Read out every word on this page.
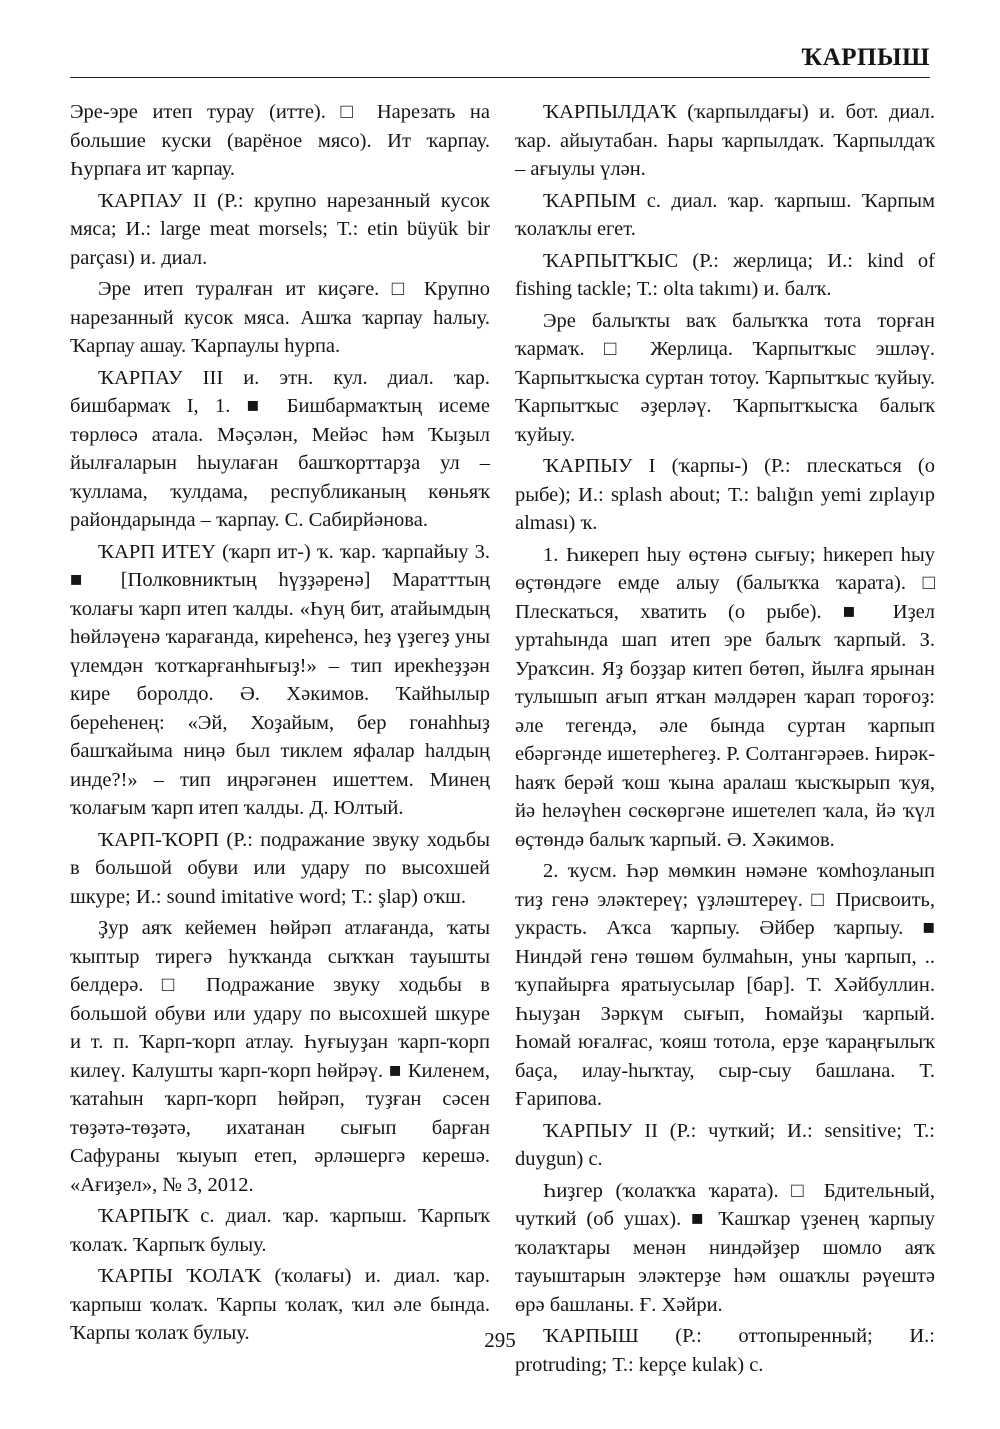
ҠАРПЫШ

Эре-эре итеп турау (итте). □ Нарезать на большие куски (варёное мясо). Ит ҡарпау. Һурпаға ит ҡарпау.

ҠАРПАУ II (Р.: крупно нарезанный кусок мяса; И.: large meat morsels; Т.: etin büyük bir parçası) и. диал.

Эре итеп туралған ит киҫәге. □ Крупно нарезанный кусок мяса. Ашҡа ҡарпау һалыу. Ҡарпау ашау. Ҡарпаулы һурпа.

ҠАРПАУ III и. этн. кул. диал. ҡар. бишбармаҡ I, 1. ■ Бишбармаҡтың исеме төрлөсә атала. Мәҫәлән, Мейәс һәм Ҡыҙыл йылғаларын һыулаған башҡорттарҙа ул – ҡуллама, ҡулдама, республиканың көньяҡ райондарында – ҡарпау. С. Сабирйәнова.

ҠАРП ИТЕҮ (ҡарп ит-) ҡ. ҡар. ҡарпайыу 3. ■ [Полковниктың һүҙҙәренә] Маратттың ҡолағы ҡарп итеп ҡалды. «Һуң бит, атайымдың һөйләүенә ҡарағанда, киреһенсә, һеҙ үҙегеҙ уны үлемдән ҡотҡарғанһығыҙ!» – тип ирекһеҙҙән кире боролдо. Ә. Хәкимов. Ҡайһылыр береһенең: «Эй, Хоҙайым, бер гонаһһыҙ башҡайыма ниңә был тиклем яфалар һалдың инде?!» – тип иңрәгәнен ишеттем. Минең ҡолағым ҡарп итеп ҡалды. Д. Юлтый.

ҠАРП-ҠОРП (Р.: подражание звуку ходьбы в большой обуви или удару по высохшей шкуре; И.: sound imitative word; Т.: şlap) оҡш.

Ҙур аяҡ кейемен һөйрәп атлағанда, ҡаты ҡыптыр тирегә һуҡҡанда сыҡҡан тауышты белдерә. □ Подражание звуку ходьбы в большой обуви или удару по высохшей шкуре и т. п. Ҡарп-ҡорп атлау. Һуғыуҙан ҡарп-ҡорп килеү. Калушты ҡарп-ҡорп һөйрәү. ■ Киленем, ҡатаһын ҡарп-ҡорп һөйрәп, туҙған сәсен төҙәтә-төҙәтә, ихатанан сығып барған Сафураны ҡыуып етеп, әрләшергә керешә. «Ағиҙел», № 3, 2012.

ҠАРПЫҠ с. диал. ҡар. ҡарпыш. Ҡарпыҡ ҡолаҡ. Ҡарпыҡ булыу.

ҠАРПЫ ҠОЛАҠ (ҡолағы) и. диал. ҡар. ҡарпыш ҡолаҡ. Ҡарпы ҡолаҡ, ҡил әле бында. Ҡарпы ҡолаҡ булыу.

ҠАРПЫЛДАҠ (ҡарпылдағы) и. бот. диал. ҡар. айыутабан. Һары ҡарпылдаҡ. Ҡарпылдаҡ – ағыулы үлән.

ҠАРПЫМ с. диал. ҡар. ҡарпыш. Ҡарпым ҡолаҡлы егет.

ҠАРПЫТҠЫС (Р.: жерлица; И.: kind of fishing tackle; Т.: olta takımı) и. балҡ.

Эре балыҡты ваҡ балыҡҡа тота торған ҡармаҡ. □ Жерлица. Ҡарпытҡыс эшләү. Ҡарпытҡысҡа суртан тотоу. Ҡарпытҡыс ҡуйыу. Ҡарпытҡыс әҙерләү. Ҡарпытҡысҡа балыҡ ҡуйыу.

ҠАРПЫУ I (ҡарпы-) (Р.: плескаться (о рыбе); И.: splash about; Т.: balığın yemi zıplayıp alması) ҡ.

1. Һикереп һыу өҫтөнә сығыу; һикереп һыу өҫтөндәге емде алыу (балыҡҡа ҡарата). □ Плескаться, хватить (о рыбе). ■ Иҙел уртаһында шап итеп эре балыҡ ҡарпый. З. Ураҡсин. Яҙ боҙҙар китеп бөтөп, йылға ярынан тулышып ағып ятҡан мәлдәрен ҡарап тороғоҙ: әле тегендә, әле бында суртан ҡарпып ебәргәнде ишетерһегеҙ. Р. Солтангәрәев. Һирәк-һаяҡ берәй ҡош ҡына аралаш ҡысҡырып ҡуя, йә һеләүһен сөскөргәне ишетелеп ҡала, йә ҡүл өҫтөндә балыҡ ҡарпый. Ә. Хәкимов.

2. ҡусм. Һәр мөмкин нәмәне ҡомһоҙланып тиҙ генә эләктереү; үҙләштереү. □ Присвоить, украсть. Аҡса ҡарпыу. Әйбер ҡарпыу. ■ Ниндәй генә төшөм булмаһын, уны ҡарпып, .. ҡупайырға яратыусылар [бар]. Т. Хәйбуллин. Һыуҙан Зәркүм сығып, Һомайҙы ҡарпый. Һомай юғалғас, ҡояш тотола, ерҙе ҡараңғылыҡ баҫа, илау-һыҡтау, сыр-сыу башлана. Т. Ғарипова.

ҠАРПЫУ II (Р.: чуткий; И.: sensitive; Т.: duygun) с.

Һиҙгер (ҡолаҡҡа ҡарата). □ Бдительный, чуткий (об ушах). ■ Ҡашҡар үҙенең ҡарпыу ҡолаҡтары менән ниндәйҙер шомло аяҡ тауыштарын эләктерҙе һәм ошаҡлы рәүештә өрә башланы. Ғ. Хәйри.

ҠАРПЫШ (Р.: оттопыренный; И.: protruding; Т.: kepçe kulak) с.

295
